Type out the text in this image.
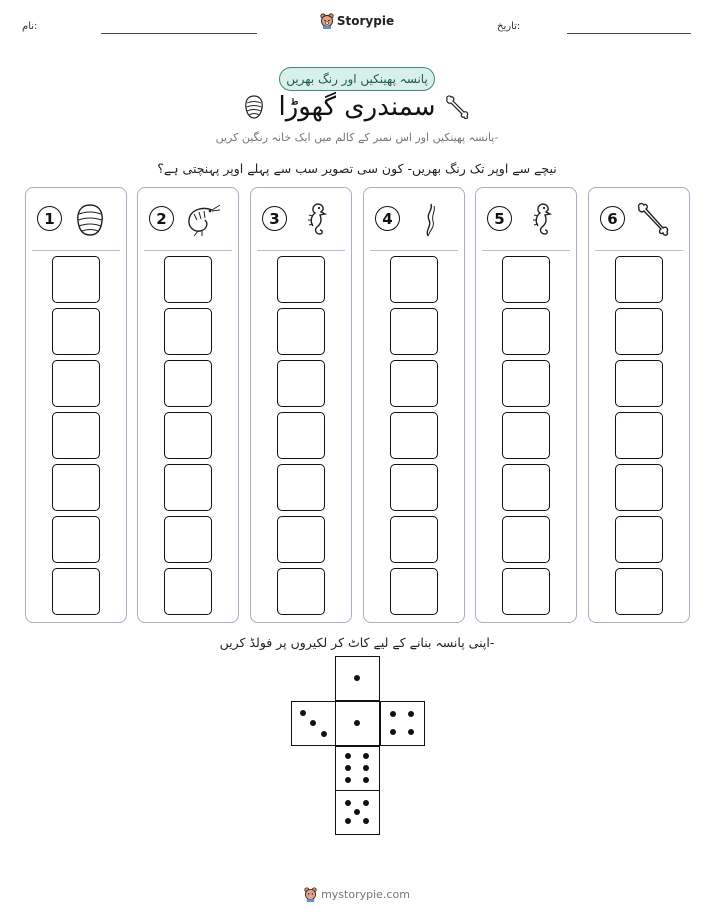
نام:	Storypie	تاریخ:
پانسہ پھینکیں اور رنگ بھریں
سمندری گھوڑا
پانسہ پھینکیں اور اس نمبر کے کالم میں ایک خانہ رنگین کریں-
نیچے سے اوپر تک رنگ بھریں- کون سی تصویر سب سے پہلے اوپر پہنچتی ہے؟
1	2	3	4	5	6
اپنی پانسہ بنانے کے لیے کاٹ کر لکیروں پر فولڈ کریں-
mystorypie.com
